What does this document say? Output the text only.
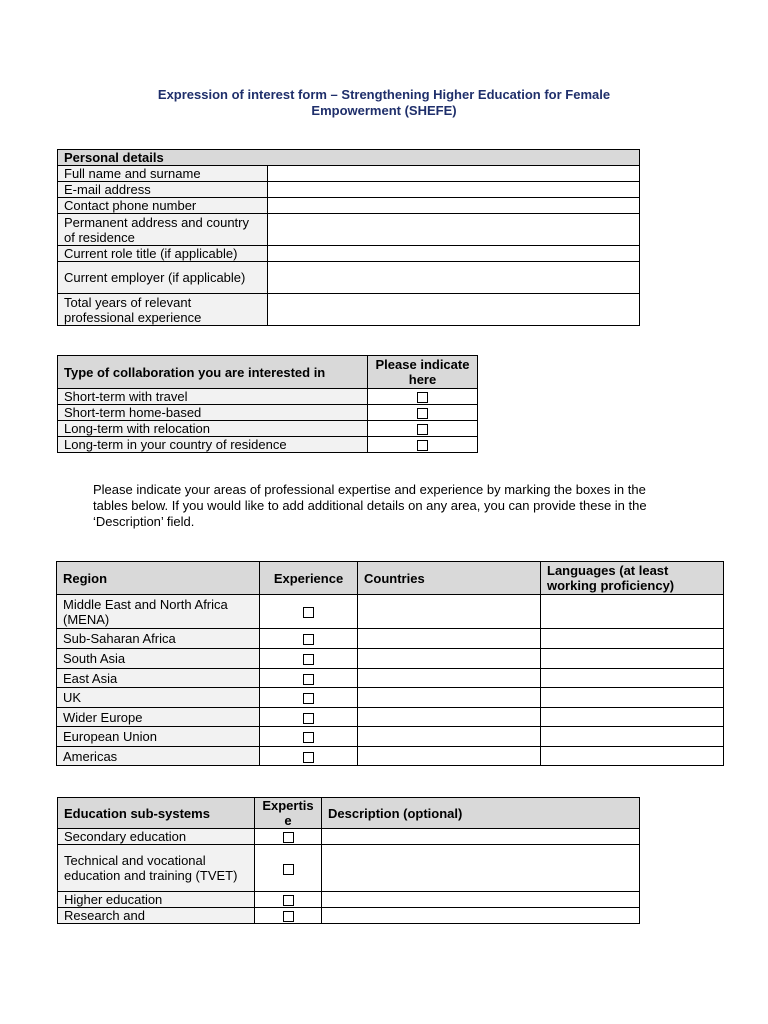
Expression of interest form – Strengthening Higher Education for Female
Empowerment (SHEFE)
Personal details	
Full name and surname	
E-mail address	
Contact phone number	
Permanent address and country of residence	
Current role title (if applicable)	
Current employer (if applicable)	
Total years of relevant professional experience	
Type of collaboration you are interested in	Please indicate here
Short-term with travel	
Short-term home-based	
Long-term with relocation	
Long-term in your country of residence	
Please indicate your areas of professional expertise and experience by marking the boxes in the tables below. If you would like to add additional details on any area, you can provide these in the ‘Description’ field.
Region	Experience	Countries	Languages (at least working proficiency)
Middle East and North Africa (MENA)			
Sub-Saharan Africa			
South Asia			
East Asia			
UK			
Wider Europe			
European Union			
Americas			
Education sub-systems	Expertise	Description (optional)
Secondary education		
Technical and vocational education and training (TVET)		
Higher education		
Research and		
